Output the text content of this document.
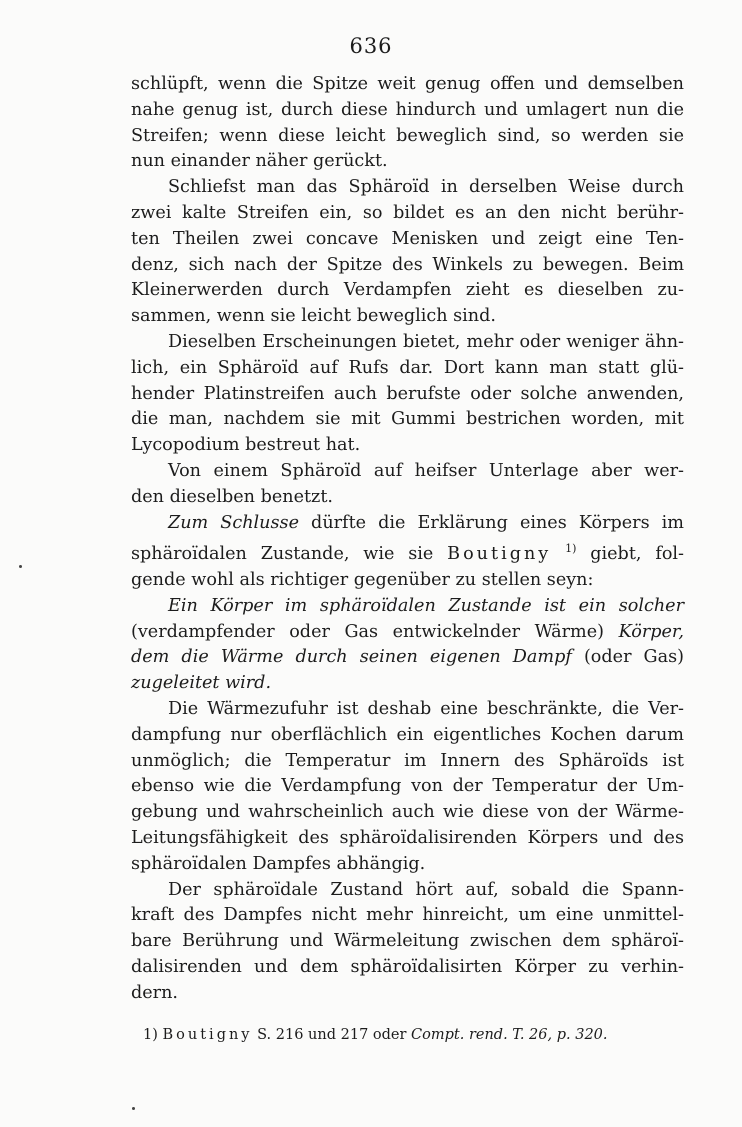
636

schlüpft, wenn die Spitze weit genug offen und demselben
nahe genug ist, durch diese hindurch und umlagert nun die
Streifen; wenn diese leicht beweglich sind, so werden sie
nun einander näher gerückt.

Schliefst man das Sphäroïd in derselben Weise durch
zwei kalte Streifen ein, so bildet es an den nicht berühr-
ten Theilen zwei concave Menisken und zeigt eine Ten-
denz, sich nach der Spitze des Winkels zu bewegen. Beim
Kleinerwerden durch Verdampfen zieht es dieselben zu-
sammen, wenn sie leicht beweglich sind.

Dieselben Erscheinungen bietet, mehr oder weniger ähn-
lich, ein Sphäroïd auf Rufs dar. Dort kann man statt glü-
hender Platinstreifen auch berufste oder solche anwenden,
die man, nachdem sie mit Gummi bestrichen worden, mit
Lycopodium bestreut hat.

Von einem Sphäroïd auf heifser Unterlage aber wer-
den dieselben benetzt.

Zum Schlusse dürfte die Erklärung eines Körpers im
sphäroïdalen Zustande, wie sie Boutigny $^{1)}$ giebt, fol-
gende wohl als richtiger gegenüber zu stellen seyn:

Ein Körper im sphäroïdalen Zustande ist ein solcher
(verdampfender oder Gas entwickelnder Wärme) Körper,
dem die Wärme durch seinen eigenen Dampf (oder Gas)
zugeleitet wird.

Die Wärmezufuhr ist deshab eine beschränkte, die Ver-
dampfung nur oberflächlich ein eigentliches Kochen darum
unmöglich; die Temperatur im Innern des Sphäroïds ist
ebenso wie die Verdampfung von der Temperatur der Um-
gebung und wahrscheinlich auch wie diese von der Wärme-
Leitungsfähigkeit des sphäroïdalisirenden Körpers und des
sphäroïdalen Dampfes abhängig.

Der sphäroïdale Zustand hört auf, sobald die Spann-
kraft des Dampfes nicht mehr hinreicht, um eine unmittel-
bare Berührung und Wärmeleitung zwischen dem sphäroï-
dalisirenden und dem sphäroïdalisirten Körper zu verhin-
dern.

1) Boutigny S. 216 und 217 oder Compt. rend. T. 26, p. 320.
